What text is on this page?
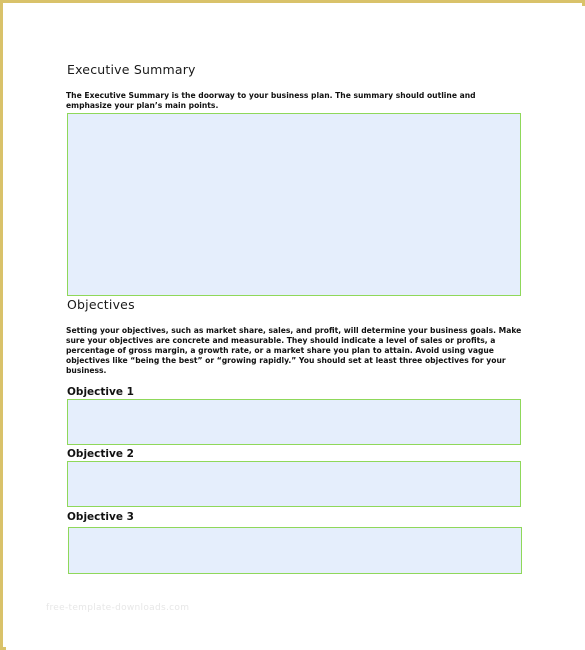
Executive Summary
The Executive Summary is the doorway to your business plan. The summary should outline and emphasize your plan’s main points.
Objectives
Setting your objectives, such as market share, sales, and profit, will determine your business goals. Make sure your objectives are concrete and measurable. They should indicate a level of sales or profits, a percentage of gross margin, a growth rate, or a market share you plan to attain. Avoid using vague objectives like “being the best” or “growing rapidly.” You should set at least three objectives for your business.
Objective 1
Objective 2
Objective 3
free-template-downloads.com
